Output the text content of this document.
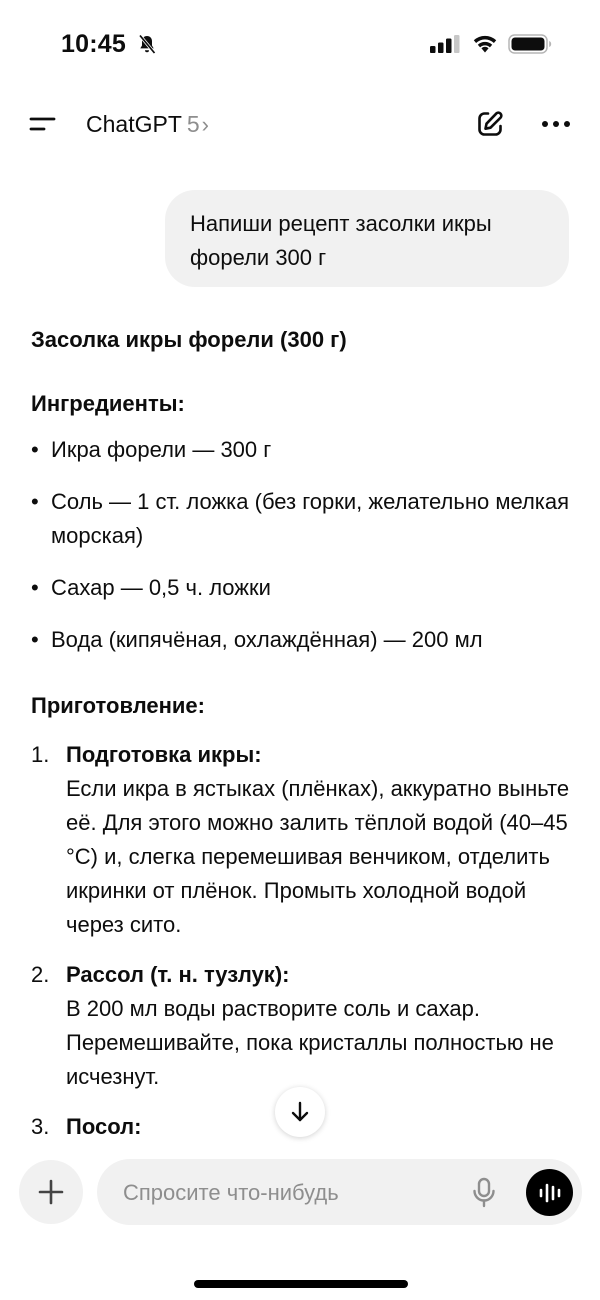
10:45
ChatGPT 5 ›
Напиши рецепт засолки икры форели 300 г
Засолка икры форели (300 г)
Ингредиенты:
• Икра форели — 300 г
• Соль — 1 ст. ложка (без горки, желательно мелкая морская)
• Сахар — 0,5 ч. ложки
• Вода (кипячёная, охлаждённая) — 200 мл
Приготовление:
1. Подготовка икры:
Если икра в ястыках (плёнках), аккуратно выньте её. Для этого можно залить тёплой водой (40–45 °C) и, слегка перемешивая венчиком, отделить икринки от плёнок. Промыть холодной водой через сито.
2. Рассол (т. н. тузлук):
В 200 мл воды растворите соль и сахар. Перемешивайте, пока кристаллы полностью не исчезнут.
3. Посол:
Спросите что-нибудь
